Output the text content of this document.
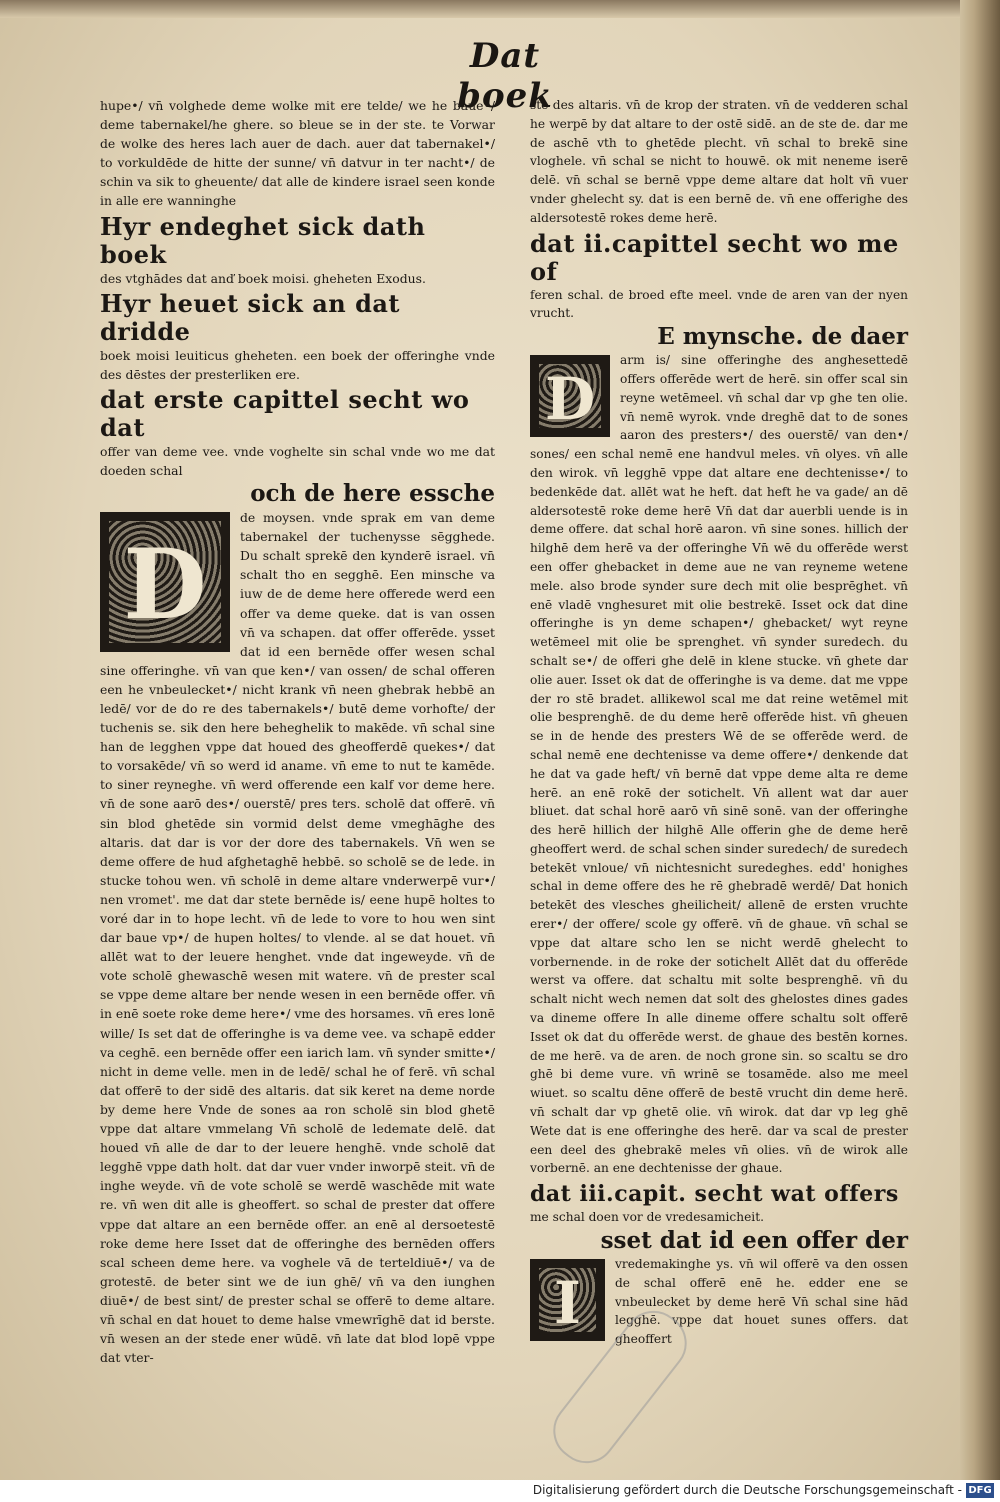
Dat boek

hupe•/ vn̄ volghede deme wolke mit ere telde/ we he baue•/ deme tabernakel/he ghere. so bleue se in der ste. te Vorwar de wolke des heres lach auer de dach. auer dat tabernakel•/ to vorkuldēde de hitte der sunne/ vn̄ datvur in ter nacht•/ de schin va sik to gheuente/ dat alle de kindere israel seen konde in alle ere wanninghe

Hyr endeghet sick dath boek

des vtghādes dat anď boek moisi. gheheten Exodus.

Hyr heuet sick an dat dridde

boek moisi leuiticus gheheten. een boek der offeringhe vnde des dēstes der presterliken ere.

dat erste capittel secht wo dat

offer van deme vee. vnde voghelte sin schal vnde wo me dat doeden schal

och de here essche

D

de moysen. vnde sprak em van deme tabernakel der tuchenysse sēgghede. Du schalt sprekē den kynderē israel. vn̄ schalt tho en segghē. Een minsche va iuw de de deme here offerede werd een offer va deme queke. dat is van ossen vn̄ va schapen. dat offer offerēde. ysset dat id een bernēde offer wesen schal sine offeringhe. vn̄ van que ken•/ van ossen/ de schal offeren een he vnbeulecket•/ nicht krank vn̄ neen ghebrak hebbē an ledē/ vor de do re des tabernakels•/ butē deme vorhofte/ der tuchenis se. sik den here beheghelik to makēde. vn̄ schal sine han de legghen vppe dat houed des gheofferdē quekes•/ dat to vorsakēde/ vn̄ so werd id aname. vn̄ eme to nut te kamēde. to siner reyneghe. vn̄ werd offerende een kalf vor deme here. vn̄ de sone aarō des•/ ouerstē/ pres ters. scholē dat offerē. vn̄ sin blod ghetēde sin vormid delst deme vmeghāghe des altaris. dat dar is vor der dore des tabernakels. Vn̄ wen se deme offere de hud afghetaghē hebbē. so scholē se de lede. in stucke tohou wen. vn̄ scholē in deme altare vnderwerpē vur•/ nen vromet'. me dat dar stete bernēde is/ eene hupē holtes to voré dar in to hope lecht. vn̄ de lede to vore to hou wen sint dar baue vp•/ de hupen holtes/ to vlende. al se dat houet. vn̄ allēt wat to der leuere henghet. vnde dat ingeweyde. vn̄ de vote scholē ghewaschē wesen mit watere. vn̄ de prester scal se vppe deme altare ber nende wesen in een bernēde offer. vn̄ in enē soete roke deme here•/ vme des horsames. vn̄ eres lonē wille/ Is set dat de offeringhe is va deme vee. va schapē edder va ceghē. een bernēde offer een iarich lam. vn̄ synder smitte•/ nicht in deme velle. men in de ledē/ schal he of ferē. vn̄ schal dat offerē to der sidē des altaris. dat sik keret na deme norde by deme here Vnde de sones aa ron scholē sin blod ghetē vppe dat altare vmmelang Vn̄ scholē de ledemate delē. dat houed vn̄ alle de dar to der leuere henghē. vnde scholē dat legghē vppe dath holt. dat dar vuer vnder inworpē steit. vn̄ de inghe weyde. vn̄ de vote scholē se werdē waschēde mit wate re. vn̄ wen dit alle is gheoffert. so schal de prester dat offere vppe dat altare an een bernēde offer. an enē al dersoetestē roke deme here Isset dat de offeringhe des bernēden offers scal scheen deme here. va voghele vā de terteldiuē•/ va de grotestē. de beter sint we de iun ghē/ vn̄ va den iunghen diuē•/ de best sint/ de prester schal se offerē to deme altare. vn̄ schal en dat houet to deme halse vmewrīghē dat id berste. vn̄ wesen an der stede ener wūdē. vn̄ late dat blod lopē vppe dat vter-

ste des altaris. vn̄ de krop der straten. vn̄ de vedderen schal he werpē by dat altare to der ostē sidē. an de ste de. dar me de aschē vth to ghetēde plecht. vn̄ schal to brekē sine vloghele. vn̄ schal se nicht to houwē. ok mit neneme iserē delē. vn̄ schal se bernē vppe deme altare dat holt vn̄ vuer vnder ghelecht sy. dat is een bernē de. vn̄ ene offerighe des aldersotestē rokes deme herē.

dat ii.capittel secht wo me of

feren schal. de broed efte meel. vnde de aren van der nyen vrucht.

E mynsche. de daer

D

arm is/ sine offeringhe des anghesettedē offers offerēde wert de herē. sin offer scal sin reyne wetēmeel. vn̄ schal dar vp ghe ten olie. vn̄ nemē wyrok. vnde dreghē dat to de sones aaron des presters•/ des ouerstē/ van den•/ sones/ een schal nemē ene handvul meles. vn̄ olyes. vn̄ alle den wirok. vn̄ legghē vppe dat altare ene dechtenisse•/ to bedenkēde dat. allēt wat he heft. dat heft he va gade/ an dē aldersotestē roke deme herē Vn̄ dat dar auerbli uende is in deme offere. dat schal horē aaron. vn̄ sine sones. hillich der hilghē dem herē va der offeringhe Vn̄ wē du offerēde werst een offer ghebacket in deme aue ne van reyneme wetene mele. also brode synder sure dech mit olie besprēghet. vn̄ enē vladē vnghesuret mit olie bestrekē. Isset ock dat dine offeringhe is yn deme schapen•/ ghebacket/ wyt reyne wetēmeel mit olie be sprenghet. vn̄ synder suredech. du schalt se•/ de offeri ghe delē in klene stucke. vn̄ ghete dar olie auer. Isset ok dat de offeringhe is va deme. dat me vppe der ro stē bradet. allikewol scal me dat reine wetēmel mit olie besprenghē. de du deme herē offerēde hist. vn̄ gheuen se in de hende des presters Wē de se offerēde werd. de schal nemē ene dechtenisse va deme offere•/ denkende dat he dat va gade heft/ vn̄ bernē dat vppe deme alta re deme herē. an enē rokē der sotichelt. Vn̄ allent wat dar auer bliuet. dat schal horē aarō vn̄ sinē sonē. van der offeringhe des herē hillich der hilghē Alle offerin ghe de deme herē gheoffert werd. de schal schen sinder suredech/ de suredech betekēt vnloue/ vn̄ nichtesnicht suredeghes. edd' honighes schal in deme offere des he rē ghebradē werdē/ Dat honich betekēt des vlesches gheilicheit/ allenē de ersten vruchte erer•/ der offere/ scole gy offerē. vn̄ de ghaue. vn̄ schal se vppe dat altare scho len se nicht werdē ghelecht to vorbernende. in de roke der sotichelt Allēt dat du offerēde werst va offere. dat schaltu mit solte besprenghē. vn̄ du schalt nicht wech nemen dat solt des ghelostes dines gades va dineme offere In alle dineme offere schaltu solt offerē Isset ok dat du offerēde werst. de ghaue des bestēn kornes. de me herē. va de aren. de noch grone sin. so scaltu se dro ghē bi deme vure. vn̄ wrinē se tosamēde. also me meel wiuet. so scaltu dēne offerē de bestē vrucht din deme herē. vn̄ schalt dar vp ghetē olie. vn̄ wirok. dat dar vp leg ghē Wete dat is ene offeringhe des herē. dar va scal de prester een deel des ghebrakē meles vn̄ olies. vn̄ de wirok alle vorbernē. an ene dechtenisse der ghaue.

dat iii.capit. secht wat offers

me schal doen vor de vredesamicheit.

sset dat id een offer der

I

vredemakinghe ys. vn̄ wil offerē va den ossen de schal offerē enē he. edder ene se vnbeulecket by deme herē Vn̄ schal sine hād legghē. vppe dat houet sunes offers. dat gheoffert

Digitalisierung gefördert durch die Deutsche Forschungsgemeinschaft - DFG
